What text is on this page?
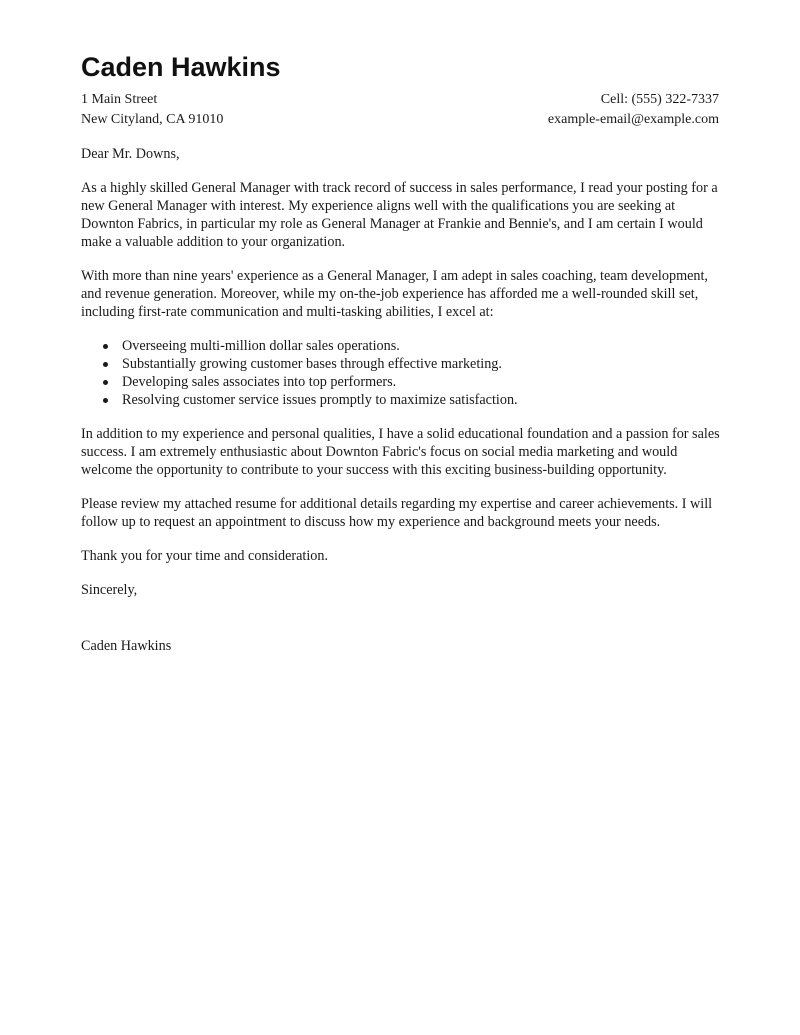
Caden Hawkins
1 Main Street	Cell: (555) 322-7337
New Cityland, CA 91010	example-email@example.com

Dear Mr. Downs,

As a highly skilled General Manager with track record of success in sales performance, I read your posting for a new General Manager with interest. My experience aligns well with the qualifications you are seeking at Downton Fabrics, in particular my role as General Manager at Frankie and Bennie's, and I am certain I would make a valuable addition to your organization.

With more than nine years' experience as a General Manager, I am adept in sales coaching, team development, and revenue generation. Moreover, while my on-the-job experience has afforded me a well-rounded skill set, including first-rate communication and multi-tasking abilities, I excel at:

Overseeing multi-million dollar sales operations.
Substantially growing customer bases through effective marketing.
Developing sales associates into top performers.
Resolving customer service issues promptly to maximize satisfaction.

In addition to my experience and personal qualities, I have a solid educational foundation and a passion for sales success. I am extremely enthusiastic about Downton Fabric's focus on social media marketing and would welcome the opportunity to contribute to your success with this exciting business-building opportunity.

Please review my attached resume for additional details regarding my expertise and career achievements. I will follow up to request an appointment to discuss how my experience and background meets your needs.

Thank you for your time and consideration.

Sincerely,

Caden Hawkins
